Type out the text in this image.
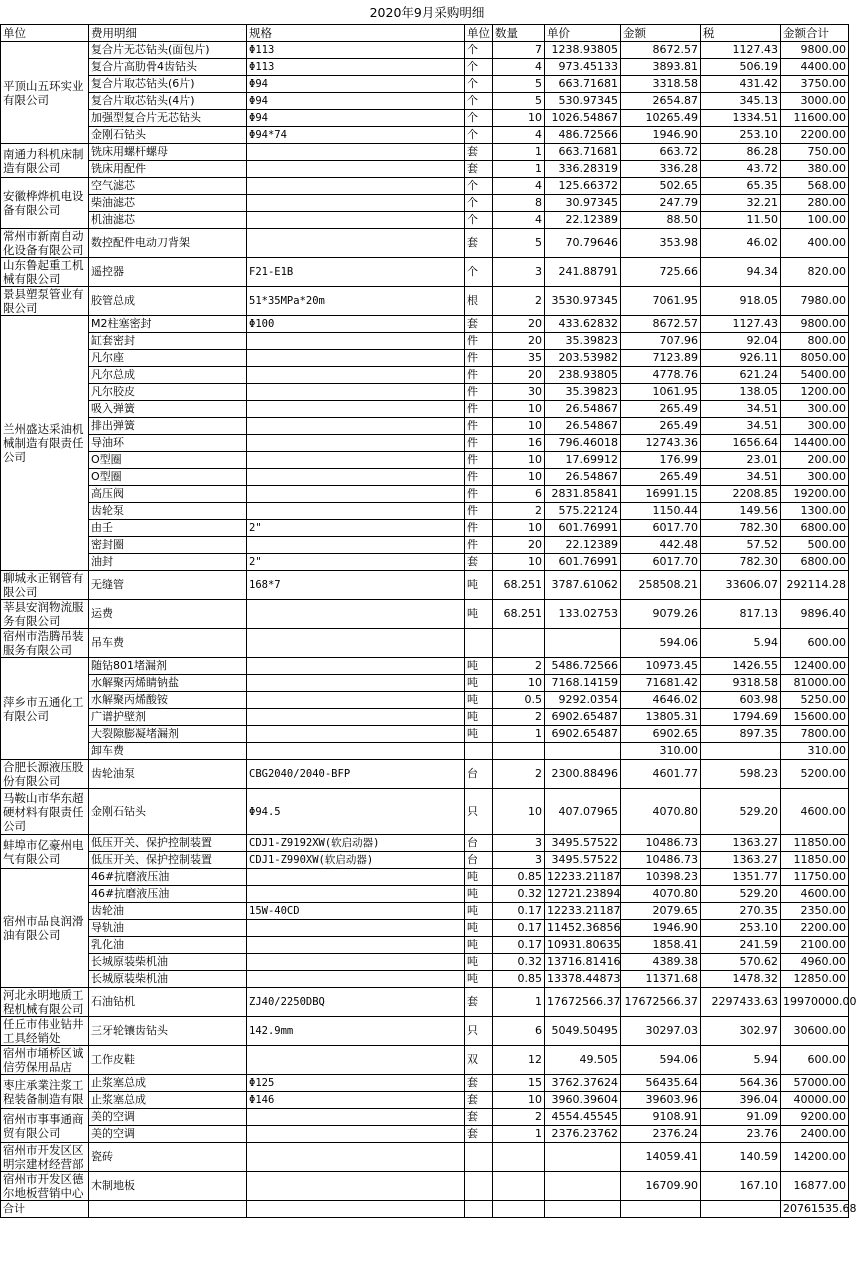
2020年9月采购明细
单位	费用明细	规格	单位	数量	单价	金额	税	金额合计
平顶山五环实业有限公司	复合片无芯钻头(面包片)	Φ113	个	7	1238.93805	8672.57	1127.43	9800.00
	复合片高肋骨4齿钻头	Φ113	个	4	973.45133	3893.81	506.19	4400.00
	复合片取芯钻头(6片)	Φ94	个	5	663.71681	3318.58	431.42	3750.00
	复合片取芯钻头(4片)	Φ94	个	5	530.97345	2654.87	345.13	3000.00
	加强型复合片无芯钻头	Φ94	个	10	1026.54867	10265.49	1334.51	11600.00
	金刚石钻头	Φ94*74	个	4	486.72566	1946.90	253.10	2200.00
南通力科机床制造有限公司	铣床用螺杆螺母		套	1	663.71681	663.72	86.28	750.00
	铣床用配件		套	1	336.28319	336.28	43.72	380.00
安徽桦烨机电设备有限公司	空气滤芯		个	4	125.66372	502.65	65.35	568.00
	柴油滤芯		个	8	30.97345	247.79	32.21	280.00
	机油滤芯		个	4	22.12389	88.50	11.50	100.00
常州市新南自动化设备有限公司	数控配件电动刀背架		套	5	70.79646	353.98	46.02	400.00
山东鲁起重工机械有限公司	遥控器	F21-E1B	个	3	241.88791	725.66	94.34	820.00
景县塑泵管业有限公司	胶管总成	51*35MPa*20m	根	2	3530.97345	7061.95	918.05	7980.00
兰州盛达采油机械制造有限责任公司	M2柱塞密封	Φ100	套	20	433.62832	8672.57	1127.43	9800.00
	缸套密封		件	20	35.39823	707.96	92.04	800.00
	凡尔座		件	35	203.53982	7123.89	926.11	8050.00
	凡尔总成		件	20	238.93805	4778.76	621.24	5400.00
	凡尔胶皮		件	30	35.39823	1061.95	138.05	1200.00
	吸入弹簧		件	10	26.54867	265.49	34.51	300.00
	排出弹簧		件	10	26.54867	265.49	34.51	300.00
	导油环		件	16	796.46018	12743.36	1656.64	14400.00
	O型圈		件	10	17.69912	176.99	23.01	200.00
	O型圈		件	10	26.54867	265.49	34.51	300.00
	高压阀		件	6	2831.85841	16991.15	2208.85	19200.00
	齿轮泵		件	2	575.22124	1150.44	149.56	1300.00
	由壬	2"	件	10	601.76991	6017.70	782.30	6800.00
	密封圈		件	20	22.12389	442.48	57.52	500.00
	油封	2"	套	10	601.76991	6017.70	782.30	6800.00
聊城永正钢管有限公司	无缝管	168*7	吨	68.251	3787.61062	258508.21	33606.07	292114.28
莘县安润物流服务有限公司	运费		吨	68.251	133.02753	9079.26	817.13	9896.40
宿州市浩腾吊装服务有限公司	吊车费					594.06	5.94	600.00
萍乡市五通化工有限公司	随钻801堵漏剂		吨	2	5486.72566	10973.45	1426.55	12400.00
	水解聚丙烯睛钠盐		吨	10	7168.14159	71681.42	9318.58	81000.00
	水解聚丙烯酸铵		吨	0.5	9292.0354	4646.02	603.98	5250.00
	广谱护壁剂		吨	2	6902.65487	13805.31	1794.69	15600.00
	大裂隙膨凝堵漏剂		吨	1	6902.65487	6902.65	897.35	7800.00
	卸车费					310.00		310.00
合肥长源液压股份有限公司	齿轮油泵	CBG2040/2040-BFP	台	2	2300.88496	4601.77	598.23	5200.00
马鞍山市华东超硬材料有限责任公司	金刚石钻头	Φ94.5	只	10	407.07965	4070.80	529.20	4600.00
蚌埠市亿豪州电气有限公司	低压开关、保护控制装置	CDJ1-Z9192XW(软启动器)	台	3	3495.57522	10486.73	1363.27	11850.00
	低压开关、保护控制装置	CDJ1-Z990XW(软启动器)	台	3	3495.57522	10486.73	1363.27	11850.00
宿州市品良润滑油有限公司	46#抗磨液压油		吨	0.85	12233.21187	10398.23	1351.77	11750.00
	46#抗磨液压油		吨	0.32	12721.23894	4070.80	529.20	4600.00
	齿轮油	15W-40CD	吨	0.17	12233.21187	2079.65	270.35	2350.00
	导轨油		吨	0.17	11452.36856	1946.90	253.10	2200.00
	乳化油		吨	0.17	10931.80635	1858.41	241.59	2100.00
	长城原装柴机油		吨	0.32	13716.81416	4389.38	570.62	4960.00
	长城原装柴机油		吨	0.85	13378.44873	11371.68	1478.32	12850.00
河北永明地质工程机械有限公司	石油钻机	ZJ40/2250DBQ	套	1	17672566.37	17672566.37	2297433.63	19970000.00
任丘市伟业钻井工具经销处	三牙轮镶齿钻头	142.9mm	只	6	5049.50495	30297.03	302.97	30600.00
宿州市埇桥区诚信劳保用品店	工作皮鞋		双	12	49.505	594.06	5.94	600.00
枣庄承業注浆工程装备制造有限	止浆塞总成	Φ125	套	15	3762.37624	56435.64	564.36	57000.00
	止浆塞总成	Φ146	套	10	3960.39604	39603.96	396.04	40000.00
宿州市事事通商贸有限公司	美的空调		套	2	4554.45545	9108.91	91.09	9200.00
	美的空调		套	1	2376.23762	2376.24	23.76	2400.00
宿州市开发区区明宗建材经营部	瓷砖					14059.41	140.59	14200.00
宿州市开发区德尔地板营销中心	木制地板					16709.90	167.10	16877.00
合计								20761535.68
